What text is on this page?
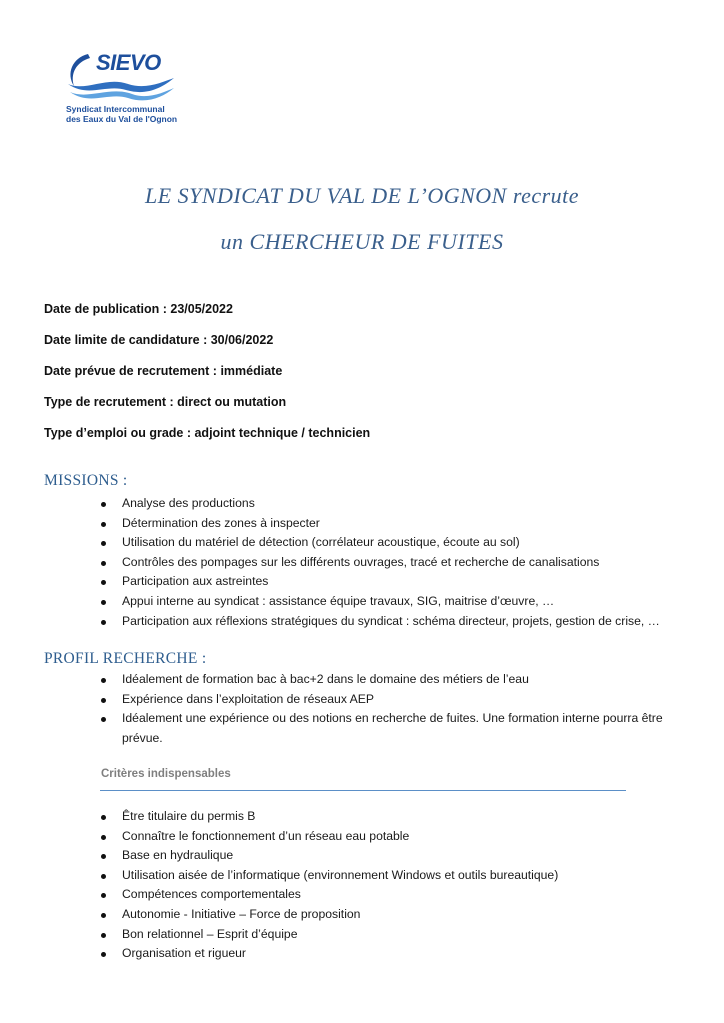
SIEVO
Syndicat Intercommunal
des Eaux du Val de l'Ognon
LE SYNDICAT DU VAL DE L’OGNON recrute
un CHERCHEUR DE FUITES
Date de publication : 23/05/2022
Date limite de candidature : 30/06/2022
Date prévue de recrutement : immédiate
Type de recrutement : direct ou mutation
Type d’emploi ou grade : adjoint technique / technicien
MISSIONS :
Analyse des productions
Détermination des zones à inspecter
Utilisation du matériel de détection (corrélateur acoustique, écoute au sol)
Contrôles des pompages sur les différents ouvrages, tracé et recherche de canalisations
Participation aux astreintes
Appui interne au syndicat : assistance équipe travaux, SIG, maitrise d’œuvre, …
Participation aux réflexions stratégiques du syndicat : schéma directeur, projets, gestion de crise, …
PROFIL RECHERCHE :
Idéalement de formation bac à bac+2 dans le domaine des métiers de l’eau
Expérience dans l’exploitation de réseaux AEP
Idéalement une expérience ou des notions en recherche de fuites. Une formation interne pourra être prévue.
Critères indispensables
Être titulaire du permis B
Connaître le fonctionnement d’un réseau eau potable
Base en hydraulique
Utilisation aisée de l’informatique (environnement Windows et outils bureautique)
Compétences comportementales
Autonomie - Initiative – Force de proposition
Bon relationnel – Esprit d’équipe
Organisation et rigueur
